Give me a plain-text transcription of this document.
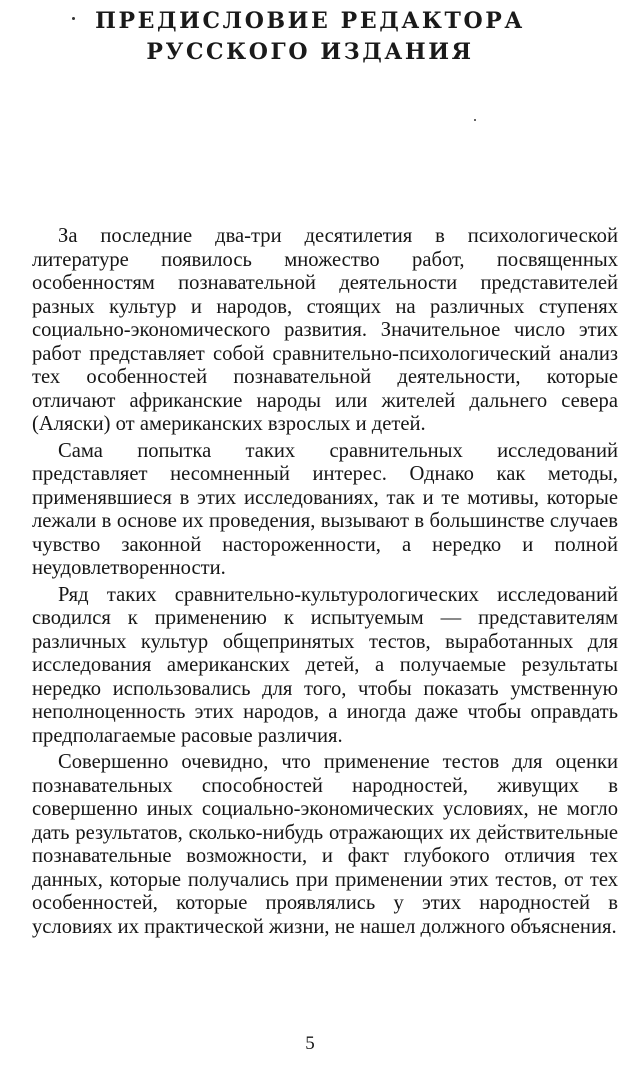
ПРЕДИСЛОВИЕ РЕДАКТОРА
РУССКОГО ИЗДАНИЯ

За последние два-три десятилетия в психологической литературе появилось множество работ, посвященных особенностям познавательной деятельности представителей разных культур и народов, стоящих на различных ступенях социально-экономического развития. Значительное число этих работ представляет собой сравнительно-психологический анализ тех особенностей познавательной деятельности, которые отличают африканские народы или жителей дальнего севера (Аляски) от американских взрослых и детей.

Сама попытка таких сравнительных исследований представляет несомненный интерес. Однако как методы, применявшиеся в этих исследованиях, так и те мотивы, которые лежали в основе их проведения, вызывают в большинстве случаев чувство законной настороженности, а нередко и полной неудовлетворенности.

Ряд таких сравнительно-культурологических исследований сводился к применению к испытуемым — представителям различных культур общепринятых тестов, выработанных для исследования американских детей, а получаемые результаты нередко использовались для того, чтобы показать умственную неполноценность этих народов, а иногда даже чтобы оправдать предполагаемые расовые различия.

Совершенно очевидно, что применение тестов для оценки познавательных способностей народностей, живущих в совершенно иных социально-экономических условиях, не могло дать результатов, сколько-нибудь отражающих их действительные познавательные возможности, и факт глубокого отличия тех данных, которые получались при применении этих тестов, от тех особенностей, которые проявлялись у этих народностей в условиях их практической жизни, не нашел должного объяснения.

5
